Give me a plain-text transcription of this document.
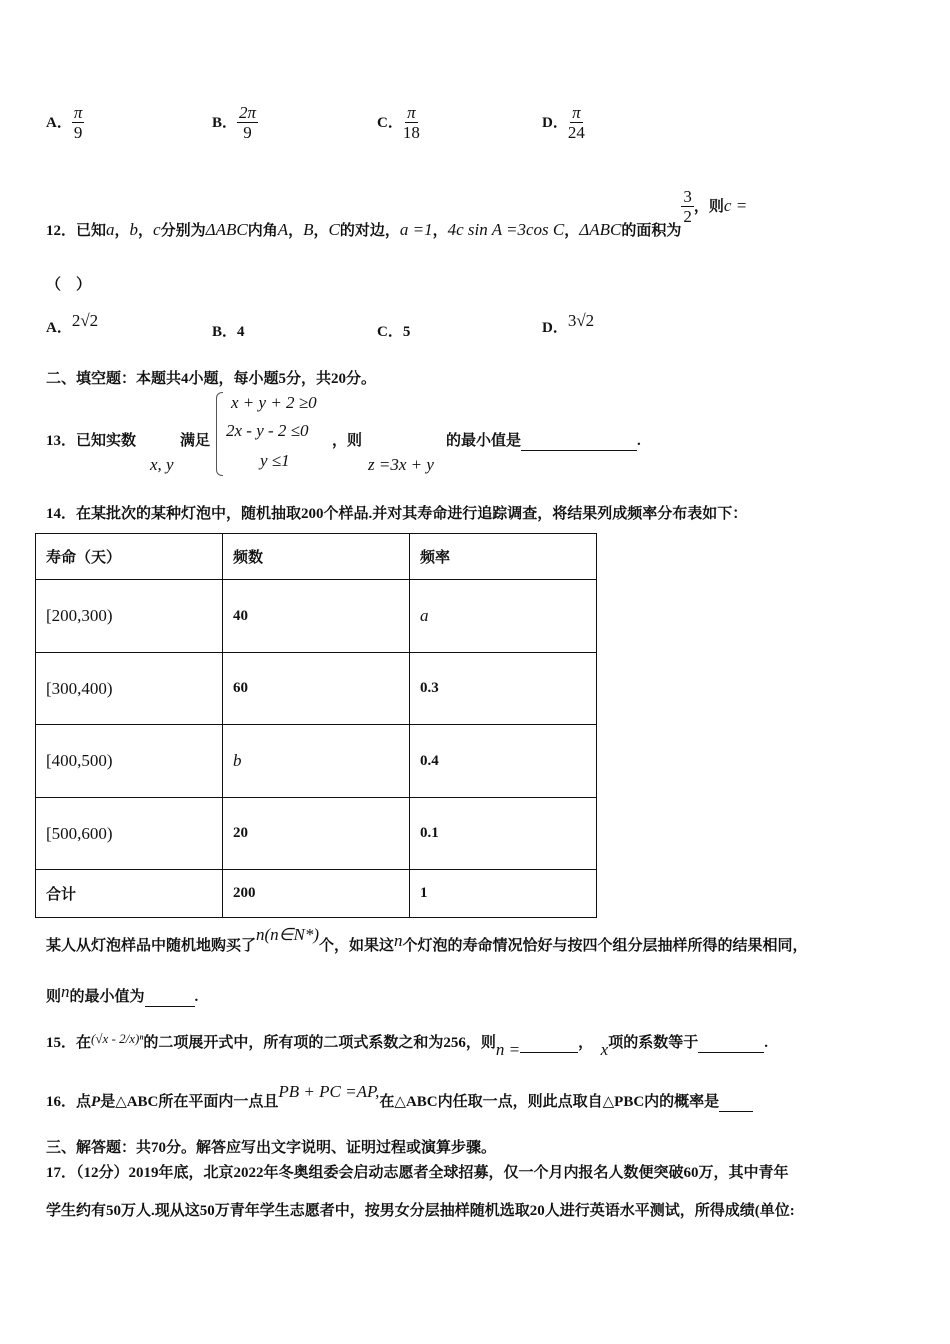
A． $\frac{\pi}{9}$	B． $\frac{2\pi}{9}$	C． $\frac{\pi}{18}$	D． $\frac{\pi}{24}$
12．已知a，b，c分别为ΔABC内角A，B，C的对边，a =1，4c sin A =3cos C，ΔABC的面积为
$\frac{3}{2}$ ，则c =
（　）
A．2√2
B．4	C．5	D．3√2
二、填空题：本题共4小题，每小题5分，共20分。
13．已知实数
x, y
满足
x + y + 2 ≥0
2x - y - 2 ≤0
y ≤1
，则
z =3x + y
的最小值是	.
14．在某批次的某种灯泡中，随机抽取200个样品.并对其寿命进行追踪调查，将结果列成频率分布表如下：
寿命（天）	频数	频率
[200,300)	40	a
[300,400)	60	0.3
[400,500)	b	0.4
[500,600)	20	0.1
合计	200	1
某人从灯泡样品中随机地购买了n(n∈N*)个，如果这n个灯泡的寿命情况恰好与按四个组分层抽样所得的结果相同，
则n的最小值为	.
15．在(√x - 2/x)ⁿ的二项展开式中，所有项的二项式系数之和为256，则n =	， x项的系数等于	.
16．点P是△ABC所在平面内一点且PB + PC =AP,在△ABC内任取一点，则此点取自△PBC内的概率是
三、解答题：共70分。解答应写出文字说明、证明过程或演算步骤。
17．（12分）2019年底，北京2022年冬奥组委会启动志愿者全球招募，仅一个月内报名人数便突破60万，其中青年
学生约有50万人.现从这50万青年学生志愿者中，按男女分层抽样随机选取20人进行英语水平测试，所得成绩(单位:
